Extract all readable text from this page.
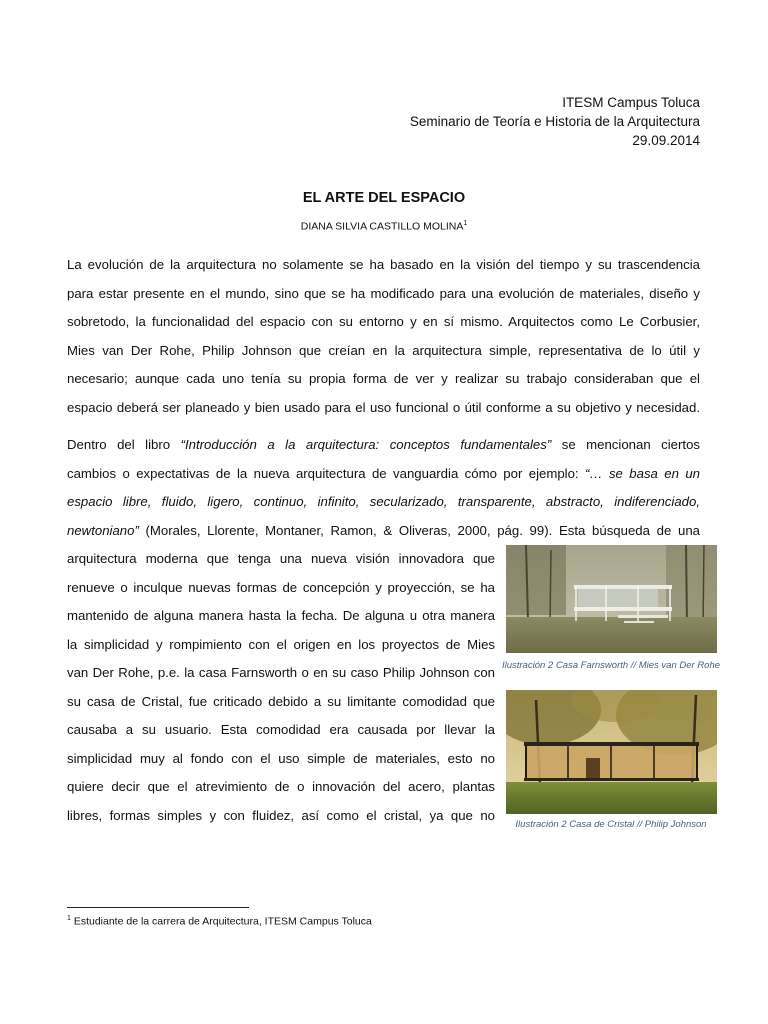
ITESM Campus Toluca
Seminario de Teoría e Historia de la Arquitectura
29.09.2014
EL ARTE DEL ESPACIO
DIANA SILVIA CASTILLO MOLINA$^1$
La evolución de la arquitectura no solamente se ha basado en la visión del tiempo y su trascendencia
para estar presente en el mundo, sino que se ha modificado para una evolución de materiales, diseño y
sobretodo, la funcionalidad del espacio con su entorno y en sí mismo. Arquitectos como Le Corbusier,
Mies van Der Rohe, Philip Johnson que creían en la arquitectura simple, representativa de lo útil y
necesario; aunque cada uno tenía su propia forma de ver y realizar su trabajo consideraban que el
espacio deberá ser planeado y bien usado para el uso funcional o útil conforme a su objetivo y necesidad.
Dentro del libro “Introducción a la arquitectura: conceptos fundamentales” se mencionan ciertos
cambios o expectativas de la nueva arquitectura de vanguardia cómo por ejemplo: “… se basa en un
espacio libre, fluido, ligero, continuo, infinito, secularizado, transparente, abstracto, indiferenciado,
newtoniano” (Morales, Llorente, Montaner, Ramon, & Oliveras, 2000, pág. 99). Esta búsqueda de una
arquitectura moderna que tenga una nueva visión innovadora que
renueve o inculque nuevas formas de concepción y proyección, se ha
mantenido de alguna manera hasta la fecha. De alguna u otra manera
la simplicidad y rompimiento con el origen en los proyectos de Mies
van Der Rohe, p.e. la casa Farnsworth o en su caso Philip Johnson con
su casa de Cristal, fue criticado debido a su limitante comodidad que
causaba a su usuario. Esta comodidad era causada por llevar la
simplicidad muy al fondo con el uso simple de materiales, esto no
quiere decir que el atrevimiento de o innovación del acero, plantas
libres, formas simples y con fluidez, así como el cristal, ya que no
Ilustración 2 Casa Farnsworth // Mies van Der Rohe
Ilustración 2 Casa de Cristal // Philip Johnson
$^1$ Estudiante de la carrera de Arquitectura, ITESM Campus Toluca
